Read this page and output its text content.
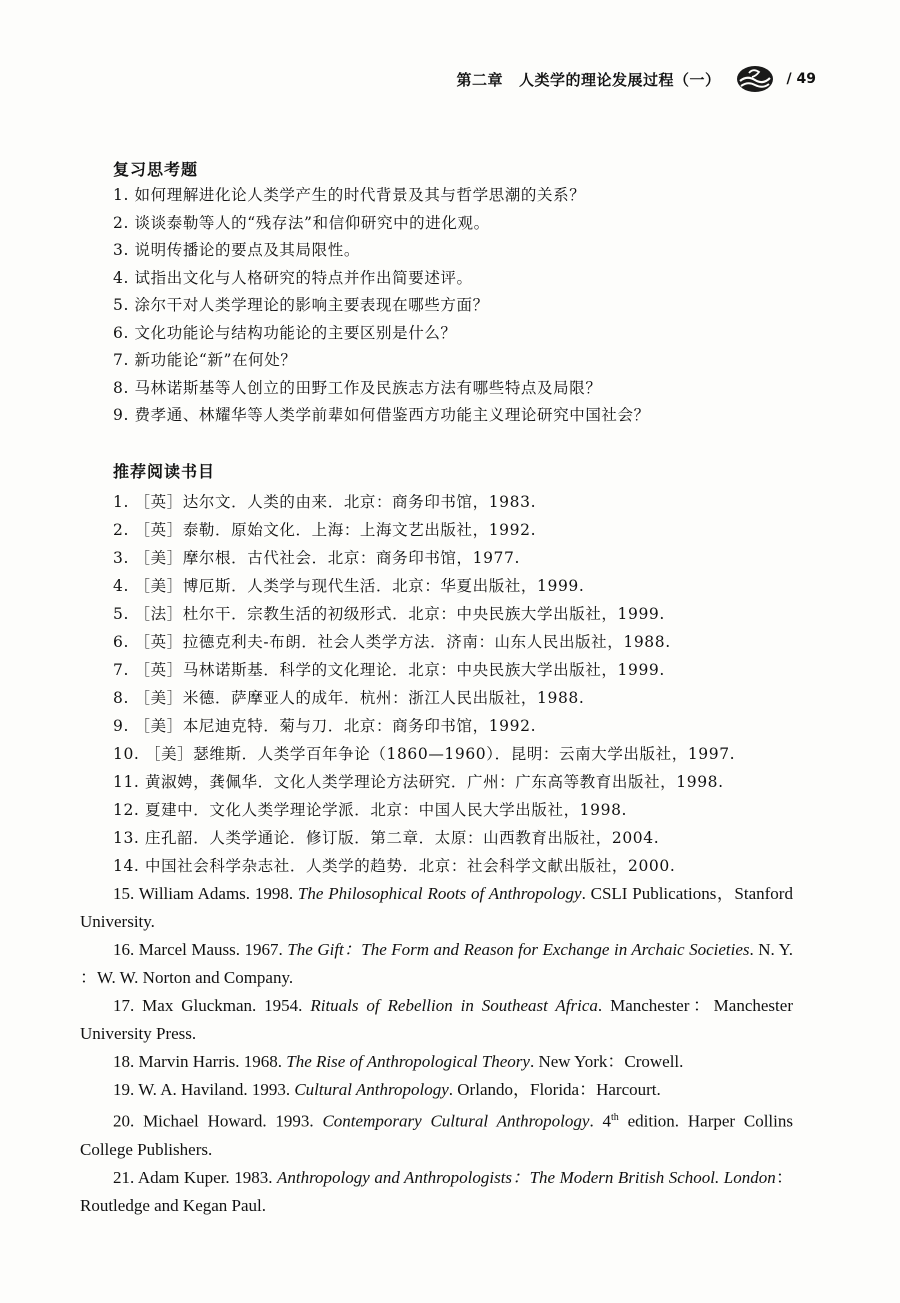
第二章 人类学的理论发展过程（一）	/ 49
复习思考题
1. 如何理解进化论人类学产生的时代背景及其与哲学思潮的关系？
2. 谈谈泰勒等人的“残存法”和信仰研究中的进化观。
3. 说明传播论的要点及其局限性。
4. 试指出文化与人格研究的特点并作出简要述评。
5. 涂尔干对人类学理论的影响主要表现在哪些方面？
6. 文化功能论与结构功能论的主要区别是什么？
7. 新功能论“新”在何处？
8. 马林诺斯基等人创立的田野工作及民族志方法有哪些特点及局限？
9. 费孝通、林耀华等人类学前辈如何借鉴西方功能主义理论研究中国社会？
推荐阅读书目
1. ［英］达尔文．人类的由来．北京：商务印书馆，1983.
2. ［英］泰勒．原始文化．上海：上海文艺出版社，1992.
3. ［美］摩尔根．古代社会．北京：商务印书馆，1977.
4. ［美］博厄斯．人类学与现代生活．北京：华夏出版社，1999.
5. ［法］杜尔干．宗教生活的初级形式．北京：中央民族大学出版社，1999.
6. ［英］拉德克利夫-布朗．社会人类学方法．济南：山东人民出版社，1988.
7. ［英］马林诺斯基．科学的文化理论．北京：中央民族大学出版社，1999.
8. ［美］米德．萨摩亚人的成年．杭州：浙江人民出版社，1988.
9. ［美］本尼迪克特．菊与刀．北京：商务印书馆，1992.
10. ［美］瑟维斯．人类学百年争论（1860—1960）．昆明：云南大学出版社，1997.
11. 黄淑娉，龚佩华．文化人类学理论方法研究．广州：广东高等教育出版社，1998.
12. 夏建中．文化人类学理论学派．北京：中国人民大学出版社，1998.
13. 庄孔韶．人类学通论．修订版．第二章．太原：山西教育出版社，2004.
14. 中国社会科学杂志社．人类学的趋势．北京：社会科学文献出版社，2000.

15. William Adams. 1998. The Philosophical Roots of Anthropology. CSLI Publications，Stanford University.

16. Marcel Mauss. 1967. The Gift：The Form and Reason for Exchange in Archaic Societies. N. Y. ：W. W. Norton and Company.

17. Max Gluckman. 1954. Rituals of Rebellion in Southeast Africa. Manchester：Manchester University Press.

18. Marvin Harris. 1968. The Rise of Anthropological Theory. New York：Crowell.

19. W. A. Haviland. 1993. Cultural Anthropology. Orlando，Florida：Harcourt.

20. Michael Howard. 1993. Contemporary Cultural Anthropology. 4th edition. Harper Collins College Publishers.

21. Adam Kuper. 1983. Anthropology and Anthropologists：The Modern British School. London：Routledge and Kegan Paul.
